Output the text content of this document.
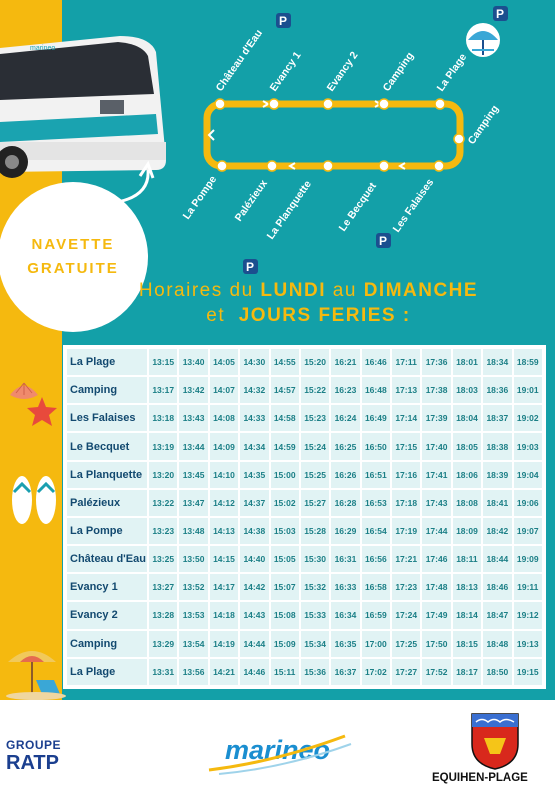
marineo
NAVETTE
GRATUITE
Château d'Eau Evancy 1 Evancy 2 Camping La Plage
Camping
La Pompe Palézieux
La Planquette Le Becquet Les Falaises
P	P
P
P
Horaires du LUNDI au DIMANCHE
et JOURS FERIES :
La Plage	13:15	13:40	14:05	14:30	14:55	15:20	16:21	16:46	17:11	17:36	18:01	18:34	18:59
Camping	13:17	13:42	14:07	14:32	14:57	15:22	16:23	16:48	17:13	17:38	18:03	18:36	19:01
Les Falaises	13:18	13:43	14:08	14:33	14:58	15:23	16:24	16:49	17:14	17:39	18:04	18:37	19:02
Le Becquet	13:19	13:44	14:09	14:34	14:59	15:24	16:25	16:50	17:15	17:40	18:05	18:38	19:03
La Planquette	13:20	13:45	14:10	14:35	15:00	15:25	16:26	16:51	17:16	17:41	18:06	18:39	19:04
Palézieux	13:22	13:47	14:12	14:37	15:02	15:27	16:28	16:53	17:18	17:43	18:08	18:41	19:06
La Pompe	13:23	13:48	14:13	14:38	15:03	15:28	16:29	16:54	17:19	17:44	18:09	18:42	19:07
Château d'Eau	13:25	13:50	14:15	14:40	15:05	15:30	16:31	16:56	17:21	17:46	18:11	18:44	19:09
Evancy 1	13:27	13:52	14:17	14:42	15:07	15:32	16:33	16:58	17:23	17:48	18:13	18:46	19:11
Evancy 2	13:28	13:53	14:18	14:43	15:08	15:33	16:34	16:59	17:24	17:49	18:14	18:47	19:12
Camping	13:29	13:54	14:19	14:44	15:09	15:34	16:35	17:00	17:25	17:50	18:15	18:48	19:13
La Plage	13:31	13:56	14:21	14:46	15:11	15:36	16:37	17:02	17:27	17:52	18:17	18:50	19:15
GROUPE
RATP	marineo
EQUIHEN-PLAGE
